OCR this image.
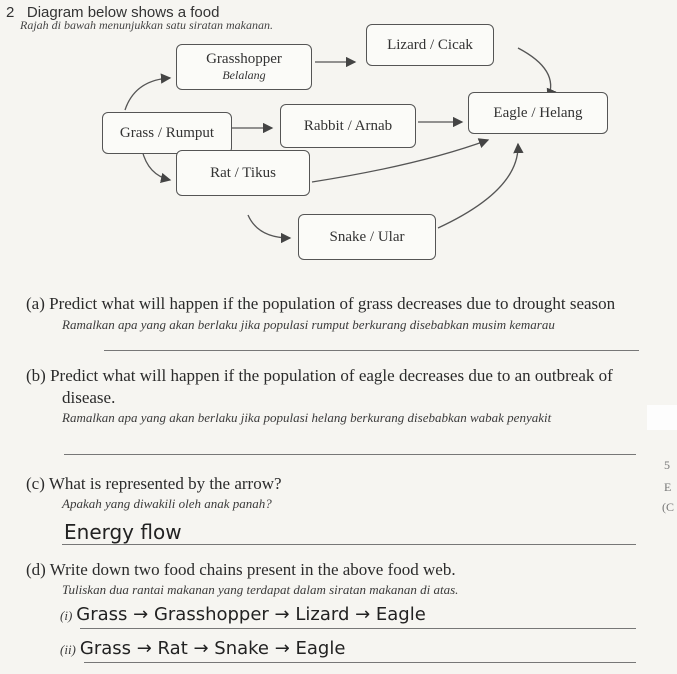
2 Diagram below shows a food
Rajah di bawah menunjukkan satu siratan makanan.
Grasshopper
Belalang
Lizard / Cicak
Grass / Rumput	Rabbit / Arnab
Eagle / Helang
Rat / Tikus
Snake / Ular
(a) Predict what will happen if the population of grass decreases due to drought season
Ramalkan apa yang akan berlaku jika populasi rumput berkurang disebabkan musim kemarau
(b) Predict what will happen if the population of eagle decreases due to an outbreak of
disease.
Ramalkan apa yang akan berlaku jika populasi helang berkurang disebabkan wabak penyakit
(c) What is represented by the arrow?
Apakah yang diwakili oleh anak panah?
Energy flow
(d) Write down two food chains present in the above food web.
Tuliskan dua rantai makanan yang terdapat dalam siratan makanan di atas.
(i) Grass → Grasshopper → Lizard → Eagle
(ii) Grass → Rat → Snake → Eagle
5
E
(C
